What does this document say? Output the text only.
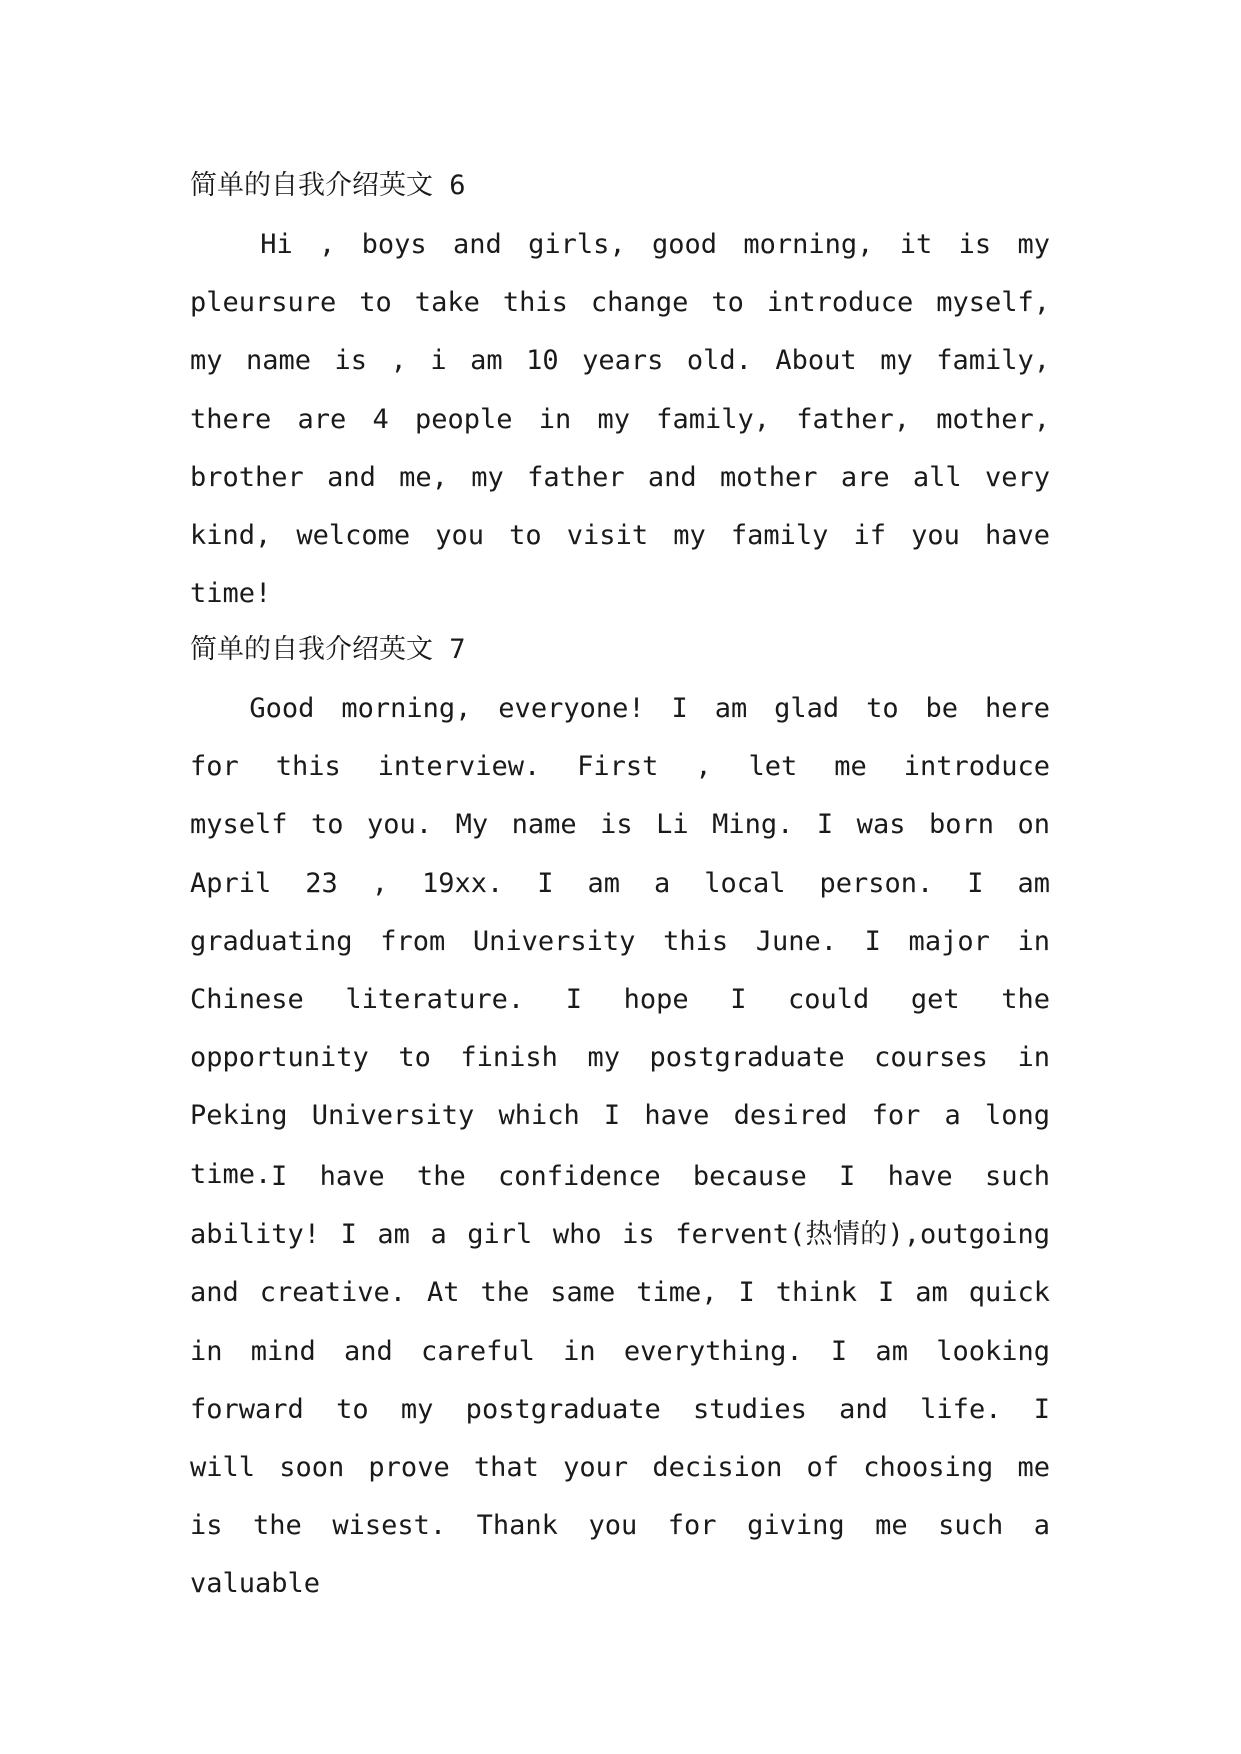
简单的自我介绍英文 6
Hi , boys and girls, good morning, it is my pleursure to take this change to introduce myself, my name is , i am 10 years old. About my family, there are 4 people in my family, father, mother, brother and me, my father and mother are all very kind, welcome you to visit my family if you have time!
简单的自我介绍英文 7
Good morning, everyone! I am glad to be here for this interview. First , let me introduce myself to you. My name is Li Ming. I was born on April 23 , 19xx. I am a local person. I am graduating from University this June. I major in Chinese literature. I hope I could get the opportunity to finish my postgraduate courses in Peking University which I have desired for a long time. I have the confidence because I have such ability! I am a girl who is fervent(热情的),outgoing and creative. At the same time, I think I am quick in mind and careful in everything. I am looking forward to my postgraduate studies and life. I will soon prove that your decision of choosing me is the wisest. Thank you for giving me such a valuable
